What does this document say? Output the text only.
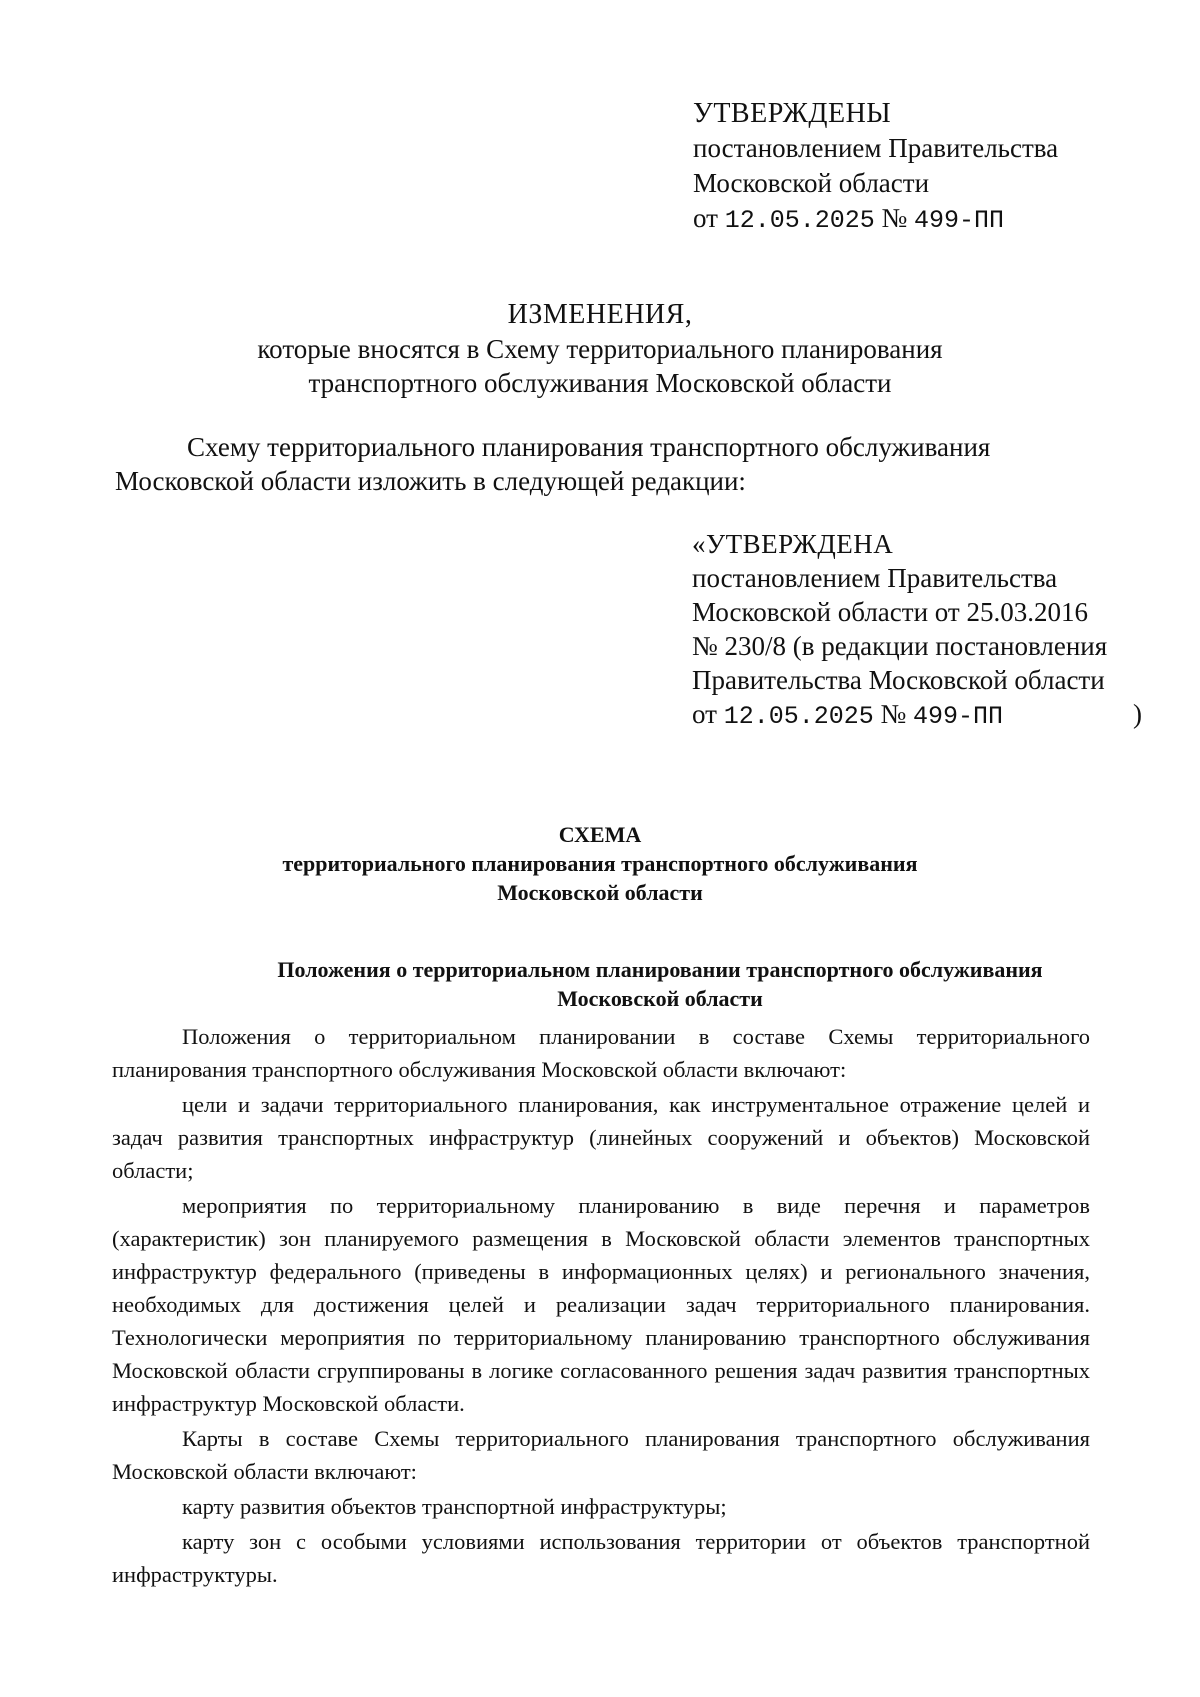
УТВЕРЖДЕНЫ
постановлением Правительства
Московской области
от 12.05.2025 № 499-ПП
ИЗМЕНЕНИЯ,
которые вносятся в Схему территориального планирования
транспортного обслуживания Московской области
Схему территориального планирования транспортного обслуживания
Московской области изложить в следующей редакции:
«УТВЕРЖДЕНА
постановлением Правительства
Московской области от 25.03.2016
№ 230/8 (в редакции постановления
Правительства Московской области
от 12.05.2025 № 499-ПП	)
СХЕМА
территориального планирования транспортного обслуживания
Московской области
Положения о территориальном планировании транспортного обслуживания
Московской области

Положения о территориальном планировании в составе Схемы территориального планирования транспортного обслуживания Московской области включают:

цели и задачи территориального планирования, как инструментальное отражение целей и задач развития транспортных инфраструктур (линейных сооружений и объектов) Московской области;

мероприятия по территориальному планированию в виде перечня и параметров (характеристик) зон планируемого размещения в Московской области элементов транспортных инфраструктур федерального (приведены в информационных целях) и регионального значения, необходимых для достижения целей и реализации задач территориального планирования. Технологически мероприятия по территориальному планированию транспортного обслуживания Московской области сгруппированы в логике согласованного решения задач развития транспортных инфраструктур Московской области.

Карты в составе Схемы территориального планирования транспортного обслуживания Московской области включают:

карту развития объектов транспортной инфраструктуры;

карту зон с особыми условиями использования территории от объектов транспортной инфраструктуры.
